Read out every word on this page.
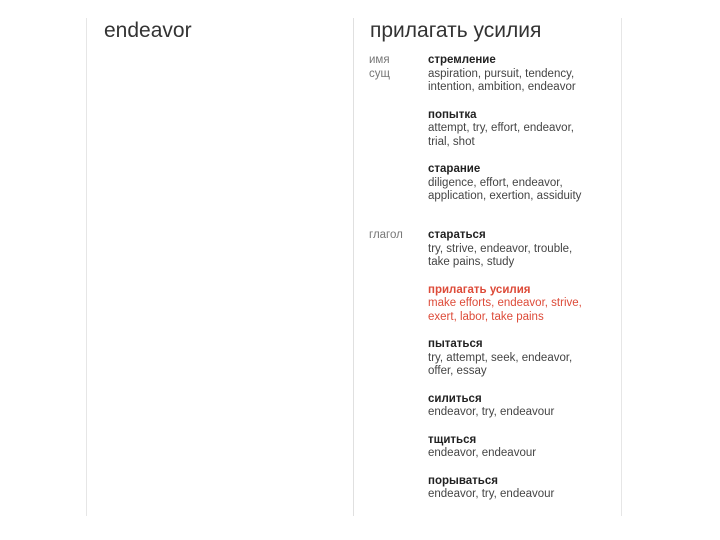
endeavor	прилагать усилия
имя
сущ
стремление
aspiration, pursuit, tendency,
intention, ambition, endeavor
попытка
attempt, try, effort, endeavor,
trial, shot
старание
diligence, effort, endeavor,
application, exertion, assiduity
глагол	стараться
try, strive, endeavor, trouble,
take pains, study
прилагать усилия
make efforts, endeavor, strive,
exert, labor, take pains
пытаться
try, attempt, seek, endeavor,
offer, essay
силиться
endeavor, try, endeavour
тщиться
endeavor, endeavour
порываться
endeavor, try, endeavour
